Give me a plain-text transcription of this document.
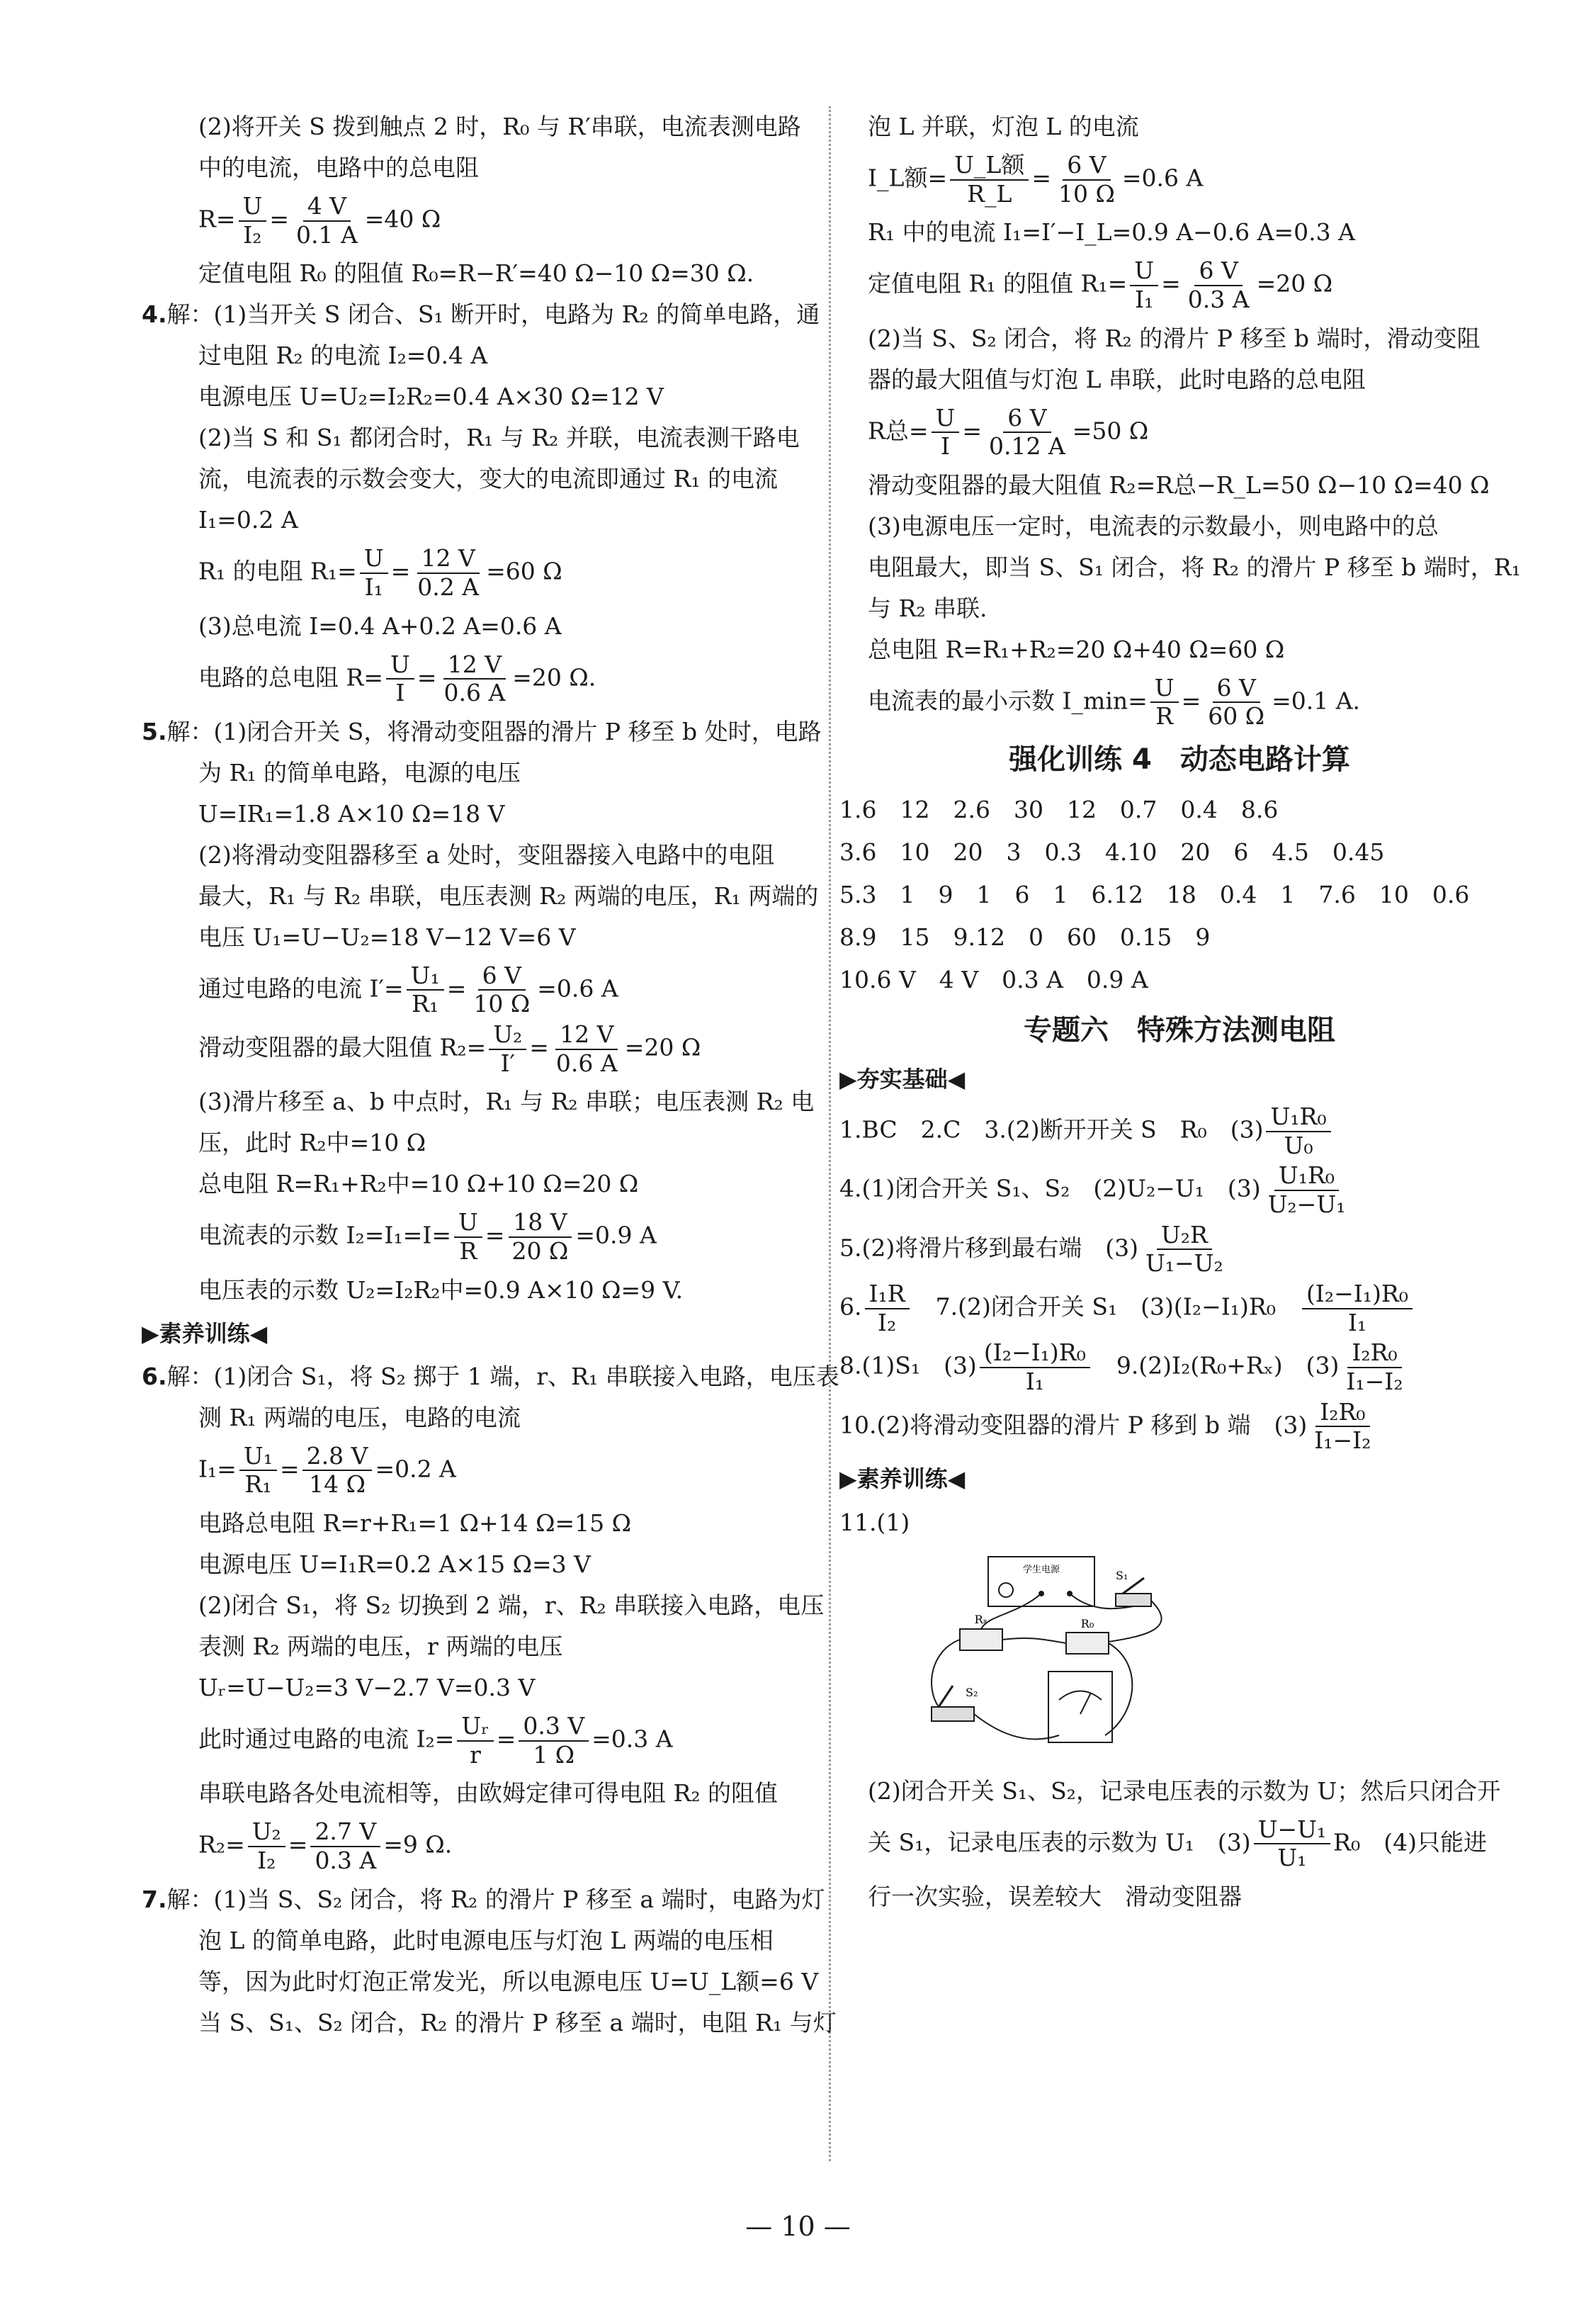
(2)将开关 S 拨到触点 2 时，R₀ 与 R′串联，电流表测电路

中的电流，电路中的总电阻

$R= \frac{U}{\text{I₂}} = \frac{4 V}{0.1 A} =40$ Ω

定值电阻 R₀ 的阻值 R₀=R−R′=40 Ω−10 Ω=30 Ω.

4.解：(1)当开关 S 闭合、S₁ 断开时，电路为 R₂ 的简单电路，通

过电阻 R₂ 的电流 I₂=0.4 A

电源电压 U=U₂=I₂R₂=0.4 A×30 Ω=12 V

(2)当 S 和 S₁ 都闭合时，R₁ 与 R₂ 并联，电流表测干路电

流，电流表的示数会变大，变大的电流即通过 R₁ 的电流

I₁=0.2 A

R₁ 的电阻 $R_1= \frac{U}{\text{I₁}} = \frac{12 V}{0.2 A} =60$ Ω

(3)总电流 I=0.4 A+0.2 A=0.6 A

电路的总电阻 $R= \frac{U}{I} = \frac{12 V}{0.6 A} =20$ Ω.

5.解：(1)闭合开关 S，将滑动变阻器的滑片 P 移至 b 处时，电路

为 R₁ 的简单电路，电源的电压

U=IR₁=1.8 A×10 Ω=18 V

(2)将滑动变阻器移至 a 处时，变阻器接入电路中的电阻

最大，R₁ 与 R₂ 串联，电压表测 R₂ 两端的电压，R₁ 两端的

电压 U₁=U−U₂=18 V−12 V=6 V

通过电路的电流 $I'= \frac{\text{U₁}}{\text{R₁}} = \frac{6 V}{10 \Omega} =0.6$ A
滑动变阻器的最大阻值 $R_2= \frac{\text{U₂}}{I'} = \frac{12 V}{0.6 A} =20$ Ω

(3)滑片移至 a、b 中点时，R₁ 与 R₂ 串联；电压表测 R₂ 电

压，此时 R₂中=10 Ω

总电阻 R=R₁+R₂中=10 Ω+10 Ω=20 Ω

电流表的示数 $I_2=I_1=I= \frac{U}{R} = \frac{18 V}{20 \Omega} =0.9$ A

电压表的示数 U₂=I₂R₂中=0.9 A×10 Ω=9 V.

▶素养训练◀

6.解：(1)闭合 S₁，将 S₂ 掷于 1 端，r、R₁ 串联接入电路，电压表

测 R₁ 两端的电压，电路的电流

$I_1= \frac{\text{U₁}}{\text{R₁}} = \frac{2.8 V}{14 \Omega} =0.2$ A

电路总电阻 R=r+R₁=1 Ω+14 Ω=15 Ω

电源电压 U=I₁R=0.2 A×15 Ω=3 V

(2)闭合 S₁，将 S₂ 切换到 2 端，r、R₂ 串联接入电路，电压

表测 R₂ 两端的电压，r 两端的电压

Uᵣ=U−U₂=3 V−2.7 V=0.3 V

此时通过电路的电流 $I_2= \frac{\text{Uᵣ}}{r} = \frac{0.3 V}{1 \Omega} =0.3$ A

串联电路各处电流相等，由欧姆定律可得电阻 R₂ 的阻值

$R_2= \frac{\text{U₂}}{\text{I₂}} = \frac{2.7 V}{0.3 A} =9$ Ω.

7.解：(1)当 S、S₂ 闭合，将 R₂ 的滑片 P 移至 a 端时，电路为灯

泡 L 的简单电路，此时电源电压与灯泡 L 两端的电压相

等，因为此时灯泡正常发光，所以电源电压 U=U_L额=6 V

当 S、S₁、S₂ 闭合，R₂ 的滑片 P 移至 a 端时，电阻 R₁ 与灯

泡 L 并联，灯泡 L 的电流

I_L额= $\frac{\text{U\_L额}}{R\_L} = \frac{6 V}{10 \Omega} =0.6$ A

R₁ 中的电流 I₁=I′−I_L=0.9 A−0.6 A=0.3 A

定值电阻 R₁ 的阻值 $R_1= \frac{U}{\text{I₁}} = \frac{6 V}{0.3 A} =20$ Ω

(2)当 S、S₂ 闭合，将 R₂ 的滑片 P 移至 b 端时，滑动变阻

器的最大阻值与灯泡 L 串联，此时电路的总电阻

R总= $\frac{U}{I} = \frac{6 V}{0.12 A} =50$ Ω

滑动变阻器的最大阻值 R₂=R总−R_L=50 Ω−10 Ω=40 Ω

(3)电源电压一定时，电流表的示数最小，则电路中的总

电阻最大，即当 S、S₁ 闭合，将 R₂ 的滑片 P 移至 b 端时，R₁

与 R₂ 串联.

总电阻 R=R₁+R₂=20 Ω+40 Ω=60 Ω

电流表的最小示数 I_min= $\frac{U}{R} = \frac{6 V}{60 \Omega} =0.1$ A.

强化训练 4　动态电路计算

1.6　12　2.6　30　12　0.7　0.4　8.6

3.6　10　20　3　0.3　4.10　20　6　4.5　0.45

5.3　1　9　1　6　1　6.12　18　0.4　1　7.6　10　0.6

8.9　15　9.12　0　60　0.15　9

10.6 V　4 V　0.3 A　0.9 A

专题六　特殊方法测电阻

▶夯实基础◀

1.BC　2.C　3.(2)断开开关 S　R₀　$(3) \frac{\text{U₁R₀}}{\text{U₀}}$
4.(1)闭合开关 S₁、S₂　(2)U₂−U₁　$(3) \frac{\text{U₁R₀}}{\text{U₂−U₁}}$
5.(2)将滑片移到最右端　$(3) \frac{\text{U₂R}}{\text{U₁−U₂}}$
6. $\frac{\text{I₁R}}{\text{I₂}}$ 　7.(2)闭合开关 S₁　(3)(I₂−I₁)R₀　 $\frac{\text{(I₂−I₁)R₀}}{\text{I₁}}$
8.(1)S₁　$(3) \frac{\text{(I₂−I₁)R₀}}{\text{I₁}}$ 　9.(2)I₂(R₀+Rₓ)　$(3) \frac{\text{I₂R₀}}{\text{I₁−I₂}}$
10.(2)将滑动变阻器的滑片 P 移到 b 端　$(3) \frac{\text{I₂R₀}}{\text{I₁−I₂}}$

▶素养训练◀

11.(1)

学生电源	S₁
Rₓ	R₀
S₂

(2)闭合开关 S₁、S₂，记录电压表的示数为 U；然后只闭合开

关 S₁，记录电压表的示数为 U₁　$(3) \frac{\text{U−U₁}}{\text{U₁}} R_0$　(4)只能进

行一次实验，误差较大　滑动变阻器

— 10 —
